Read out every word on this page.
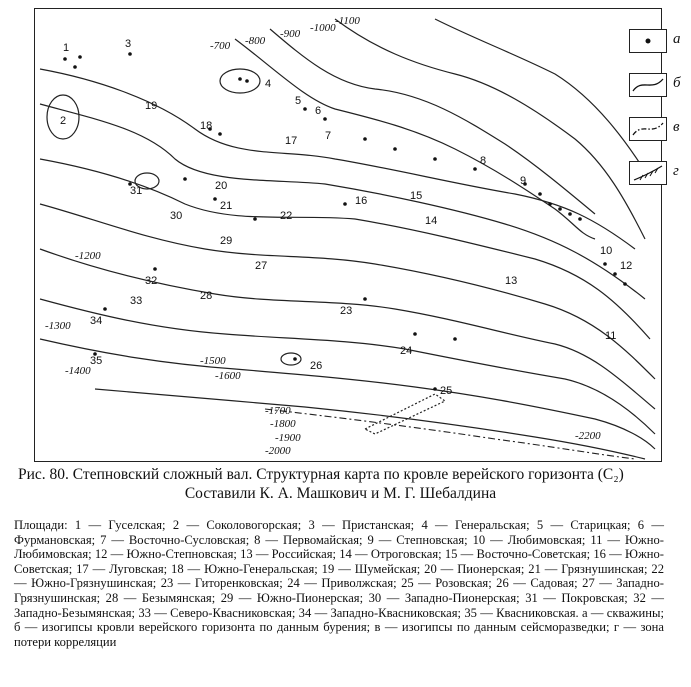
-700 -800
-900 -1000
-1100
-1200
-1300
-1400
-1500
-1600
-1700
-1800
-1900
-2000
-2200
1
2
3
4
5
6
7
8
9
10
11
12
13
14
15
16
17
18
19
20
21
22
23
24
25
26
27
28
29
30
31
32
33
34
35
а
б
в
г
Рис. 80. Степновский сложный вал. Структурная карта по кровле верейского горизонта (C₂)
Составили К. А. Машкович и М. Г. Шебалдина
Площади: 1 — Гуселская; 2 — Соколовогорская; 3 — Пристанская; 4 — Генеральская; 5 — Старицкая; 6 — Фурмановская; 7 — Восточно-Сусловская; 8 — Первомайская; 9 — Степновская; 10 — Любимовская; 11 — Южно-Любимовская; 12 — Южно-Степновская; 13 — Российская; 14 — Отроговская; 15 — Восточно-Советская; 16 — Южно-Советская; 17 — Луговская; 18 — Южно-Генеральская; 19 — Шумейская; 20 — Пионерская; 21 — Грязнушинская; 22 — Южно-Грязнушинская; 23 — Гитоpенковская; 24 — Приволжская; 25 — Розовская; 26 — Садовая; 27 — Западно-Грязнушинская; 28 — Безымянская; 29 — Южно-Пионерская; 30 — Западно-Пионерская; 31 — Покровская; 32 — Западно-Безымянская; 33 — Северо-Квасниковская; 34 — Западно-Квасниковская; 35 — Квасниковская. а — скважины; б — изогипсы кровли верейского горизонта по данным бурения; в — изогипсы по данным сейсморазведки; г — зона потери корреляции
